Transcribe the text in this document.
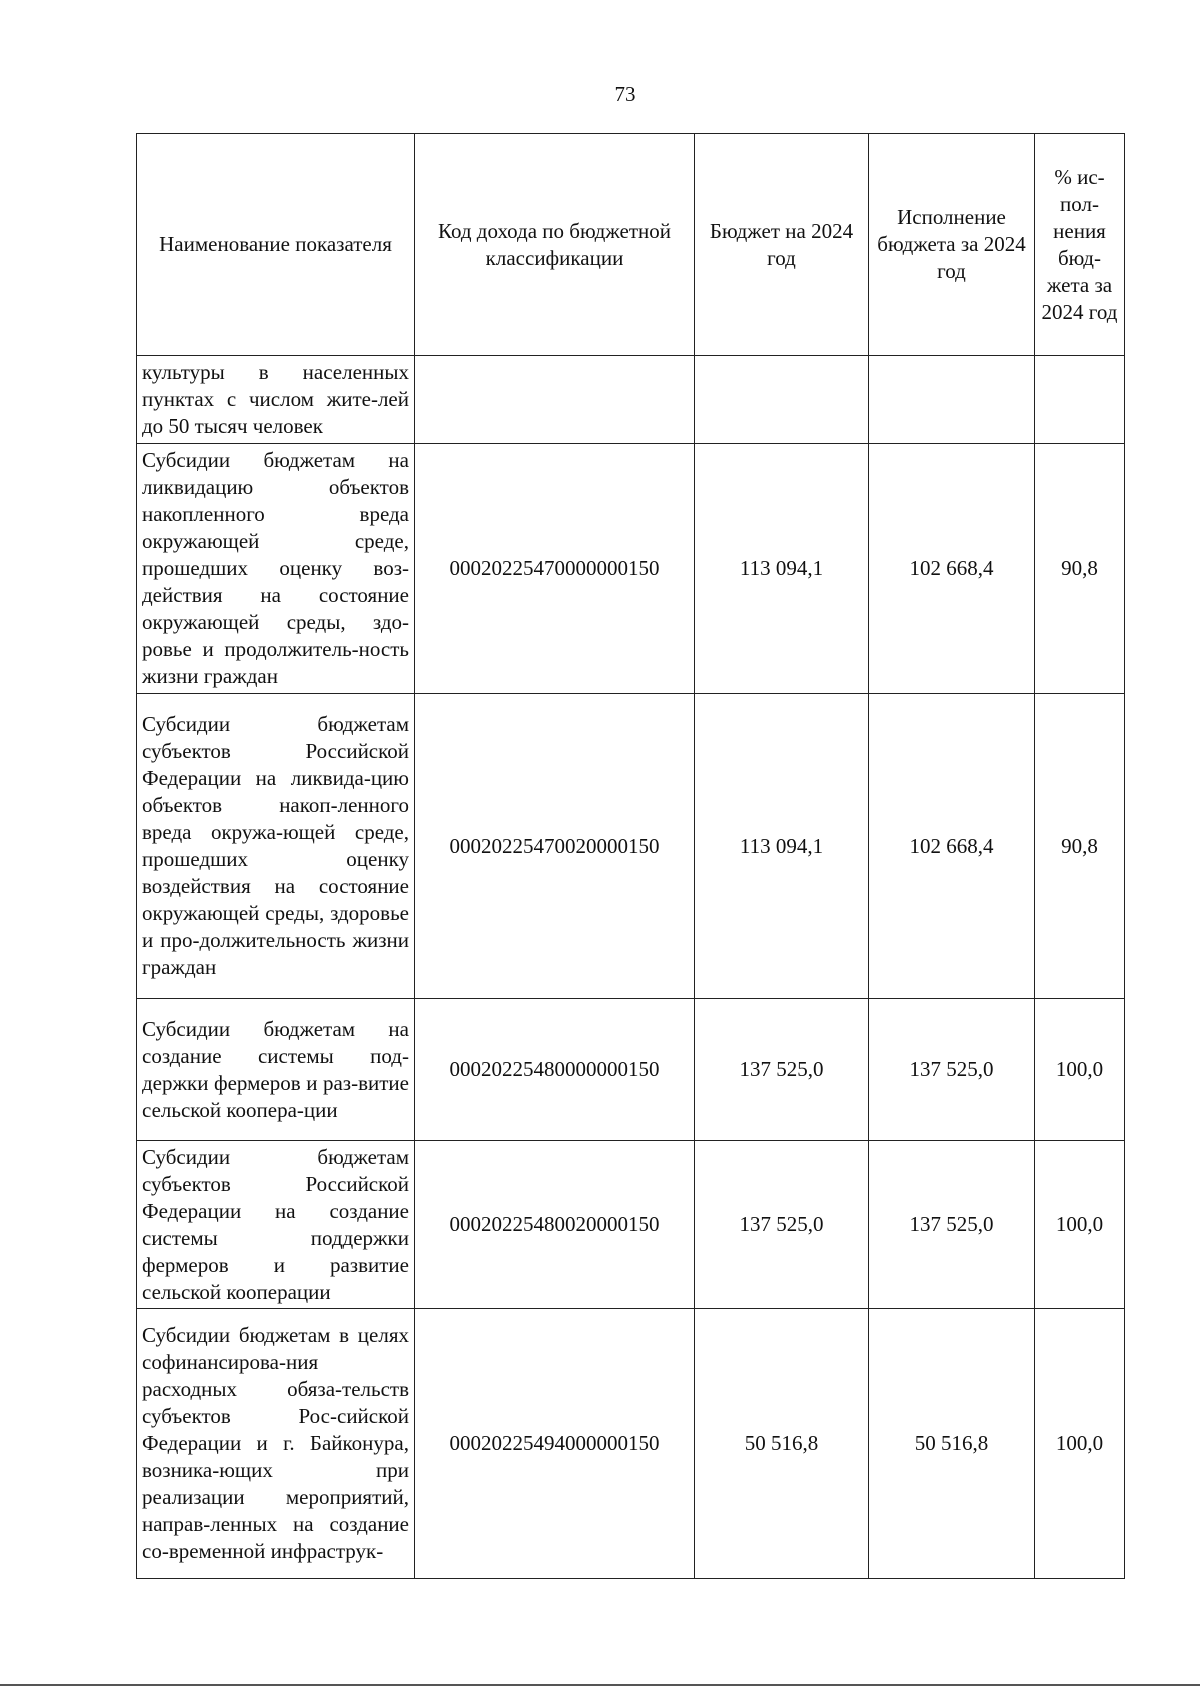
73
Наименование показателя	Код дохода по бюджетной классификации	Бюджет на 2024 год	Исполнение бюджета за 2024 год	% ис-пол-нения бюд-жета за 2024 год
культуры в населенных пунктах с числом жите-лей до 50 тысяч человек				
Субсидии бюджетам на ликвидацию объектов накопленного вреда окружающей среде, прошедших оценку воз-действия на состояние окружающей среды, здо-ровье и продолжитель-ность жизни граждан	00020225470000000150	113 094,1	102 668,4	90,8
Субсидии бюджетам субъектов Российской Федерации на ликвида-цию объектов накоп-ленного вреда окружа-ющей среде, прошедших оценку воздействия на состояние окружающей среды, здоровье и про-должительность жизни граждан	00020225470020000150	113 094,1	102 668,4	90,8
Субсидии бюджетам на создание системы под-держки фермеров и раз-витие сельской коопера-ции	00020225480000000150	137 525,0	137 525,0	100,0
Субсидии бюджетам субъектов Российской Федерации на создание системы поддержки фермеров и развитие сельской кооперации	00020225480020000150	137 525,0	137 525,0	100,0
Субсидии бюджетам в целях софинансирова-ния расходных обяза-тельств субъектов Рос-сийской Федерации и г. Байконура, возника-ющих при реализации мероприятий, направ-ленных на создание со-временной инфраструк-	00020225494000000150	50 516,8	50 516,8	100,0
